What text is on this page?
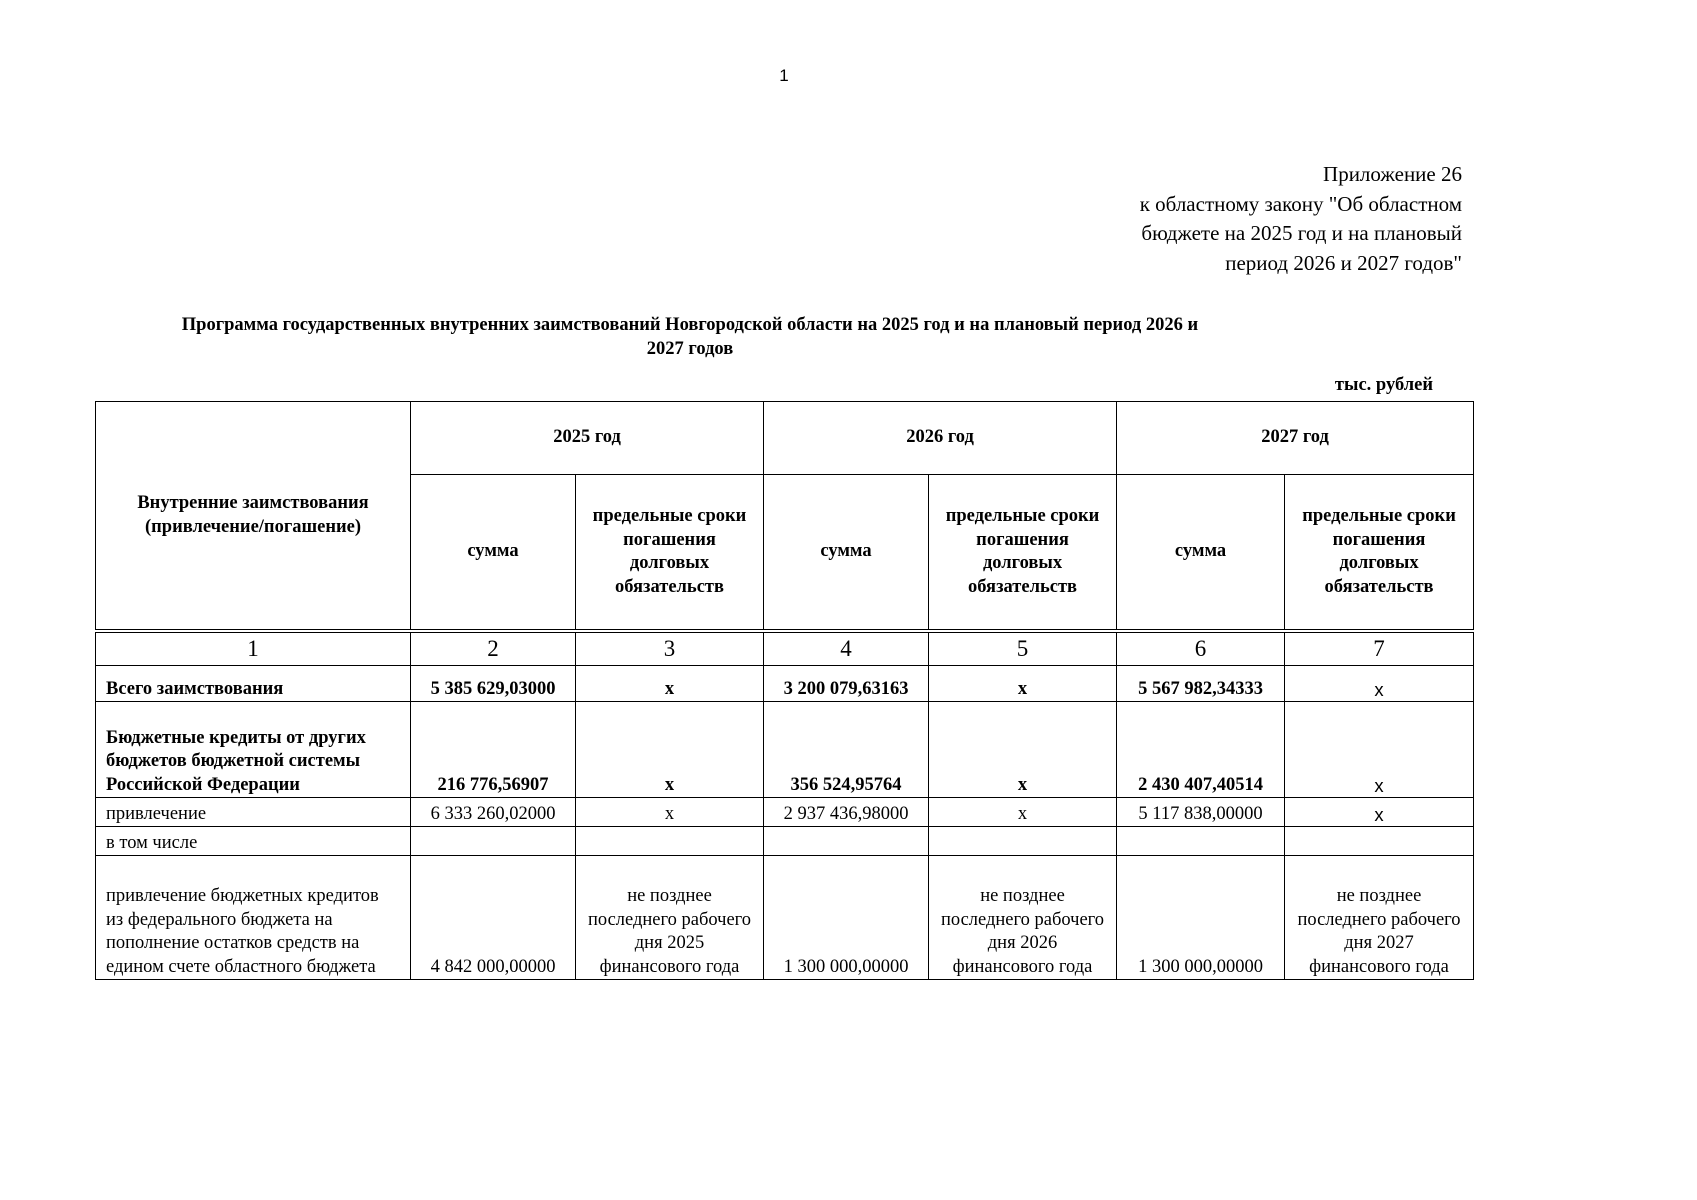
1
Приложение 26
к областному закону "Об областном
бюджете на 2025 год и на плановый
период 2026 и 2027 годов"
Программа государственных внутренних заимствований Новгородской области на 2025 год и на плановый период 2026 и
2027 годов
тыс. рублей
Внутренние заимствования (привлечение/погашение)	2025 год		2026 год		2027 год	
	сумма	предельные сроки погашения долговых обязательств	сумма	предельные сроки погашения долговых обязательств	сумма	предельные сроки погашения долговых обязательств
1	2	3	4	5	6	7
Всего заимствования	5 385 629,03000	x	3 200 079,63163	x	5 567 982,34333	x
Бюджетные кредиты от других бюджетов бюджетной системы Российской Федерации	216 776,56907	x	356 524,95764	x	2 430 407,40514	x
привлечение	6 333 260,02000	x	2 937 436,98000	x	5 117 838,00000	x
в том числе						
привлечение бюджетных кредитов из федерального бюджета на пополнение остатков средств на едином счете областного бюджета	4 842 000,00000	не позднее последнего рабочего дня 2025 финансового года	1 300 000,00000	не позднее последнего рабочего дня 2026 финансового года	1 300 000,00000	не позднее последнего рабочего дня 2027 финансового года
